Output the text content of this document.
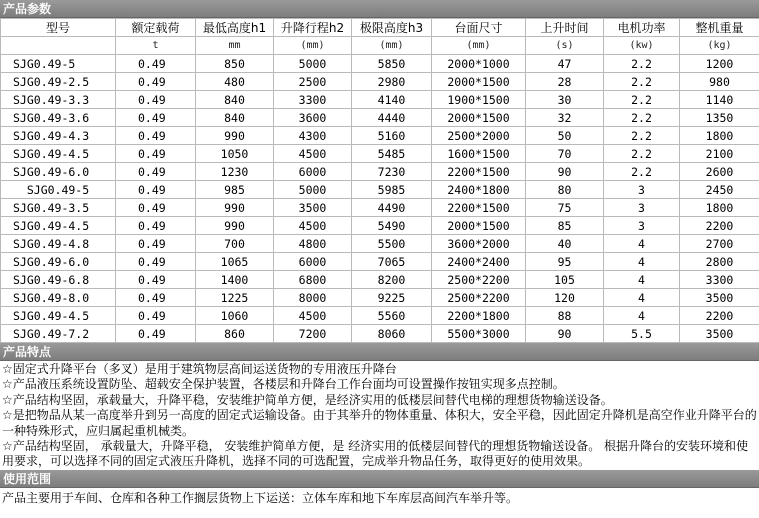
产品参数
型号	额定载荷	最低高度h1	升降行程h2	极限高度h3	台面尺寸	上升时间	电机功率	整机重量
	t	mm	(mm)	(mm)	(mm)	(s)	(kw)	(kg)
SJG0.49-5	0.49	850	5000	5850	2000*1000	47	2.2	1200
SJG0.49-2.5	0.49	480	2500	2980	2000*1500	28	2.2	980
SJG0.49-3.3	0.49	840	3300	4140	1900*1500	30	2.2	1140
SJG0.49-3.6	0.49	840	3600	4440	2000*1500	32	2.2	1350
SJG0.49-4.3	0.49	990	4300	5160	2500*2000	50	2.2	1800
SJG0.49-4.5	0.49	1050	4500	5485	1600*1500	70	2.2	2100
SJG0.49-6.0	0.49	1230	6000	7230	2200*1500	90	2.2	2600
SJG0.49-5	0.49	985	5000	5985	2400*1800	80	3	2450
SJG0.49-3.5	0.49	990	3500	4490	2200*1500	75	3	1800
SJG0.49-4.5	0.49	990	4500	5490	2000*1500	85	3	2200
SJG0.49-4.8	0.49	700	4800	5500	3600*2000	40	4	2700
SJG0.49-6.0	0.49	1065	6000	7065	2400*2400	95	4	2800
SJG0.49-6.8	0.49	1400	6800	8200	2500*2200	105	4	3300
SJG0.49-8.0	0.49	1225	8000	9225	2500*2200	120	4	3500
SJG0.49-4.5	0.49	1060	4500	5560	2200*1800	88	4	2200
SJG0.49-7.2	0.49	860	7200	8060	5500*3000	90	5.5	3500
产品特点

☆固定式升降平台（多叉）是用于建筑物层高间运送货物的专用液压升降台

☆产品液压系统设置防坠、超载安全保护装置，各楼层和升降台工作台面均可设置操作按钮实现多点控制。

☆产品结构坚固，承载量大，升降平稳，安装维护简单方便，是经济实用的低楼层间替代电梯的理想货物输送设备。

☆是把物品从某一高度举升到另一高度的固定式运输设备。由于其举升的物体重量、体积大，安全平稳，因此固定升降机是高空作业升降平台的一种特殊形式，应归属起重机械类。

☆产品结构坚固， 承载量大，升降平稳， 安装维护简单方便，是 经济实用的低楼层间替代的理想货物输送设备。 根据升降台的安装环境和使用要求，可以选择不同的固定式液压升降机，选择不同的可选配置，完成举升物品任务，取得更好的使用效果。

使用范围
产品主要用于车间、仓库和各种工作搁层货物上下运送：立体车库和地下车库层高间汽车举升等。
